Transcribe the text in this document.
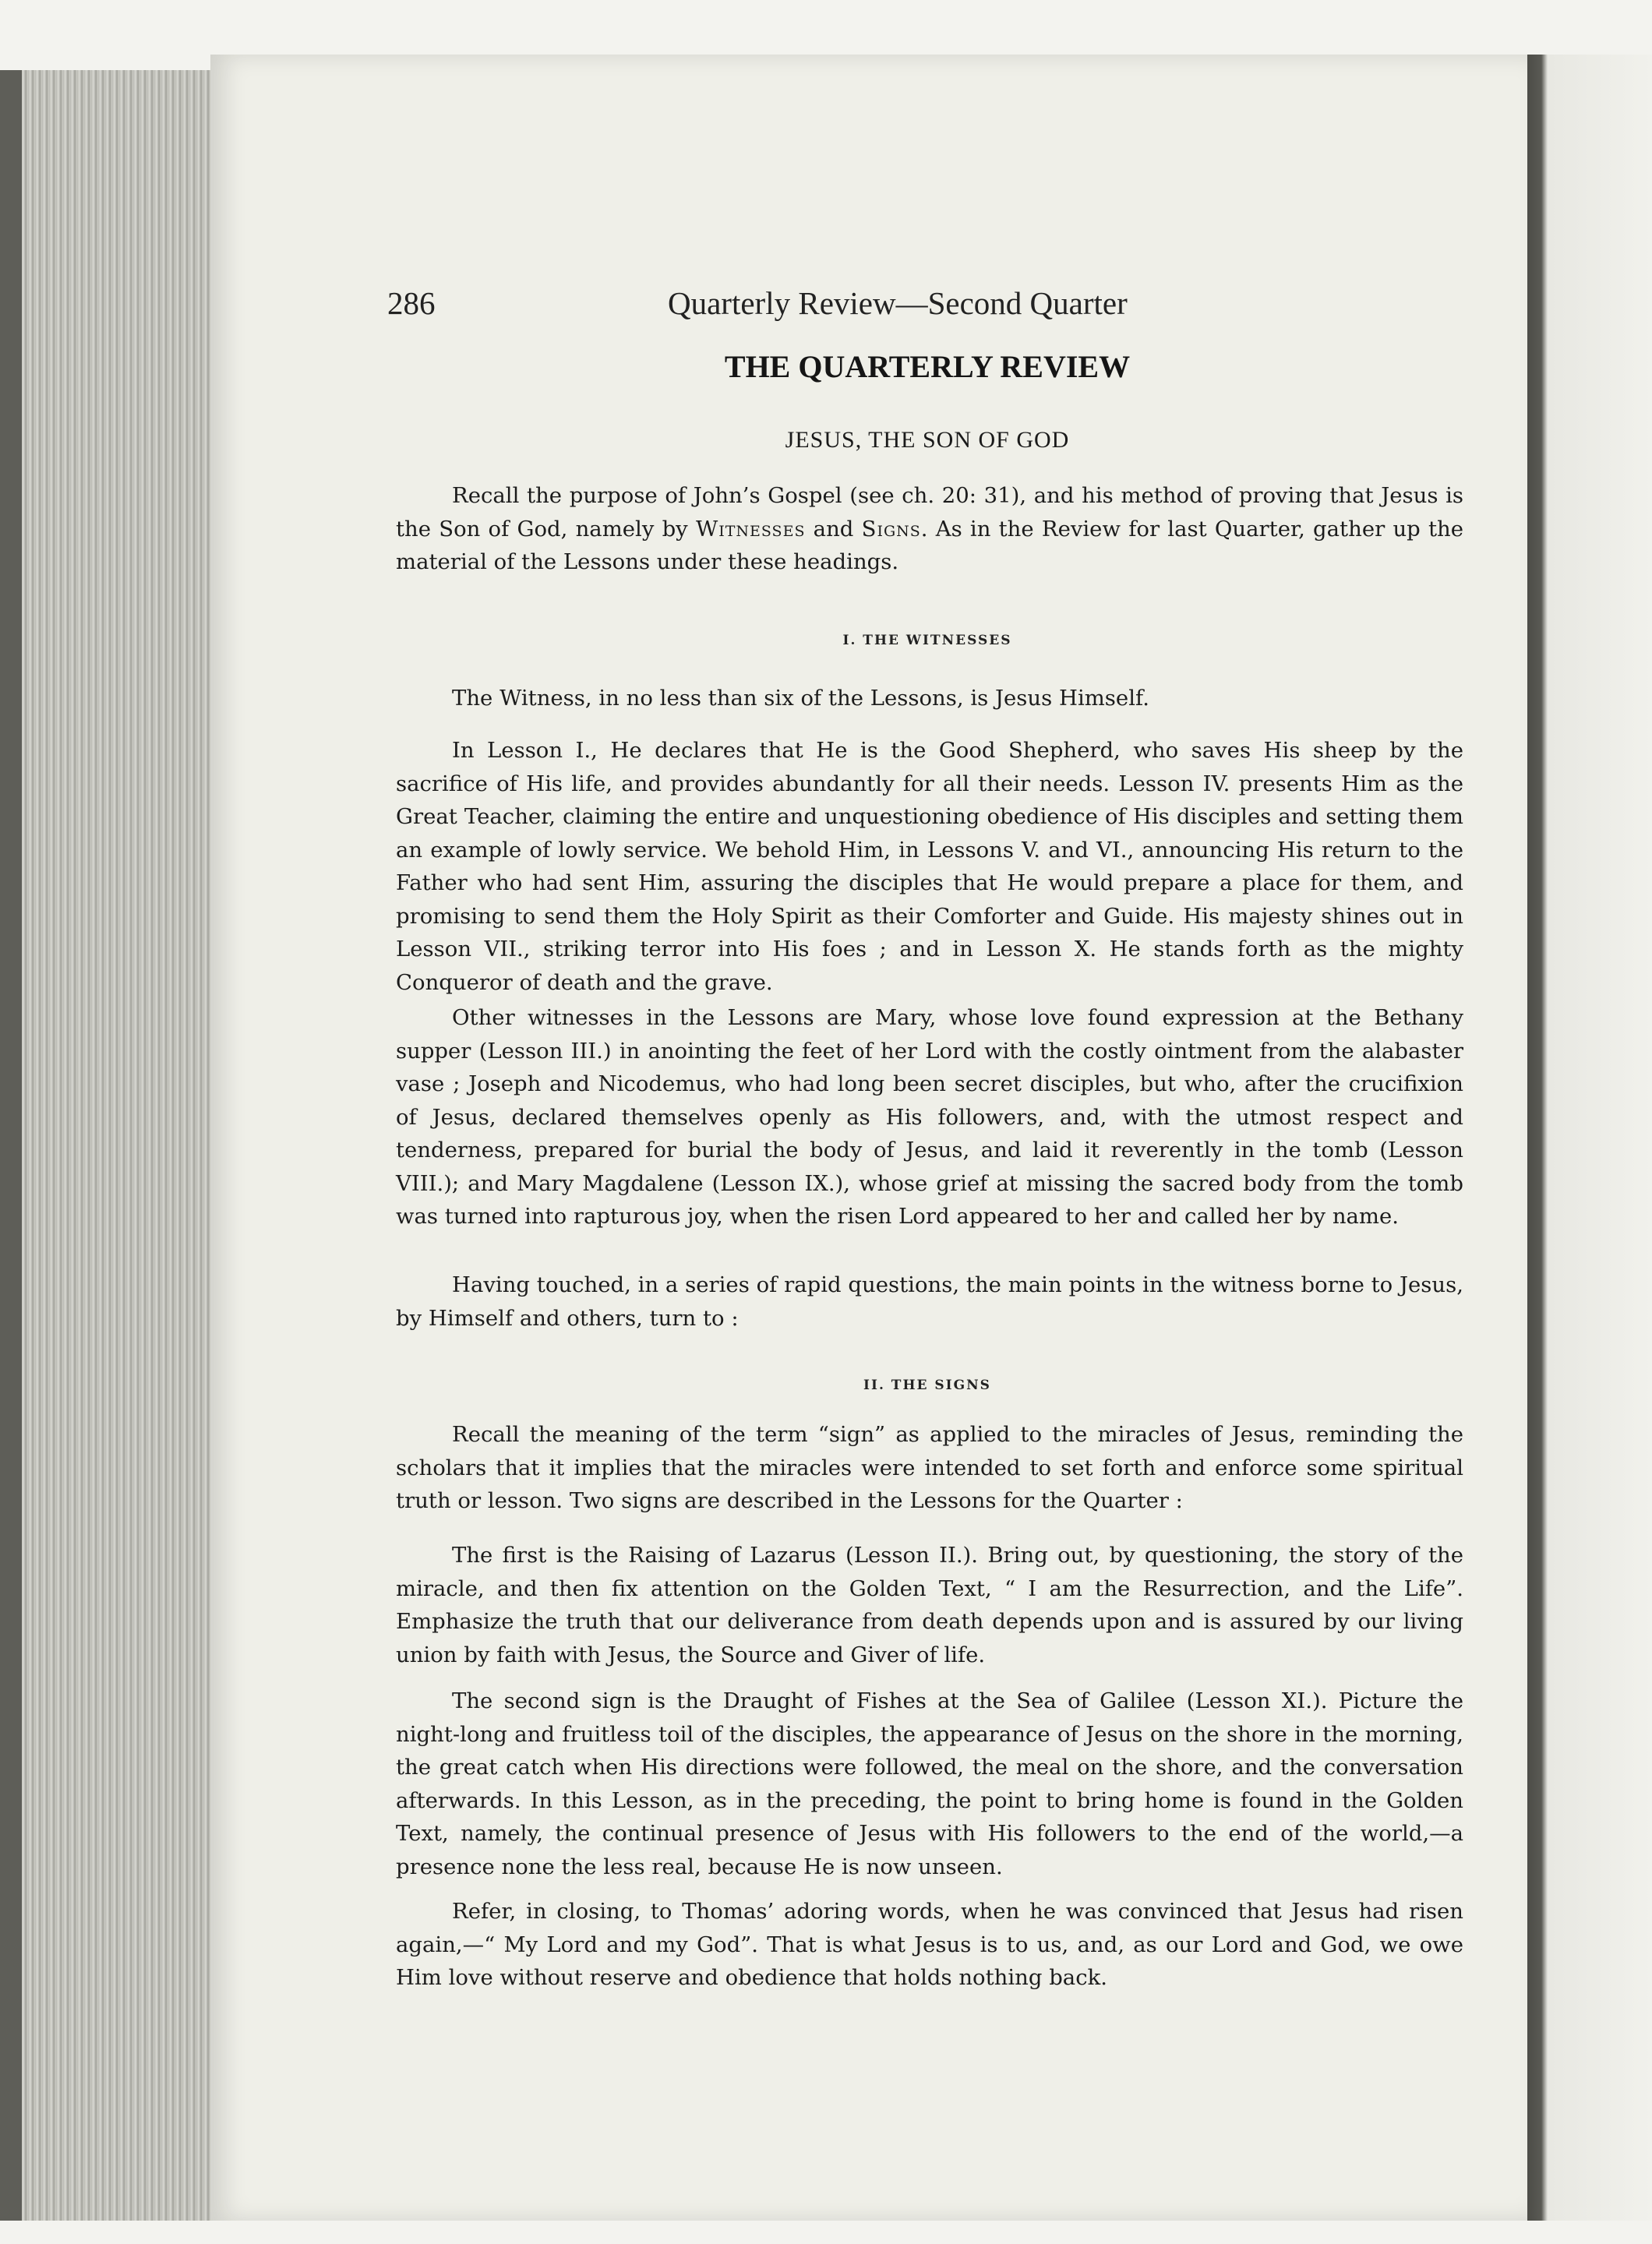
286	Quarterly Review—Second Quarter
THE QUARTERLY REVIEW
JESUS, THE SON OF GOD

Recall the purpose of John’s Gospel (see ch. 20: 31), and his method of proving that Jesus is the Son of God, namely by Witnesses and Signs. As in the Review for last Quarter, gather up the material of the Lessons under these headings.

I. THE WITNESSES

The Witness, in no less than six of the Lessons, is Jesus Himself.

In Lesson I., He declares that He is the Good Shepherd, who saves His sheep by the sacrifice of His life, and provides abundantly for all their needs. Lesson IV. presents Him as the Great Teacher, claiming the entire and unquestioning obedience of His disciples and setting them an example of lowly service. We behold Him, in Lessons V. and VI., announcing His return to the Father who had sent Him, assuring the disciples that He would prepare a place for them, and promising to send them the Holy Spirit as their Comforter and Guide. His majesty shines out in Lesson VII., striking terror into His foes ; and in Lesson X. He stands forth as the mighty Conqueror of death and the grave.

Other witnesses in the Lessons are Mary, whose love found expression at the Bethany supper (Lesson III.) in anointing the feet of her Lord with the costly ointment from the alabaster vase ; Joseph and Nicodemus, who had long been secret disciples, but who, after the crucifixion of Jesus, declared themselves openly as His followers, and, with the utmost respect and tenderness, prepared for burial the body of Jesus, and laid it reverently in the tomb (Lesson VIII.); and Mary Magdalene (Lesson IX.), whose grief at missing the sacred body from the tomb was turned into rapturous joy, when the risen Lord appeared to her and called her by name.

Having touched, in a series of rapid questions, the main points in the witness borne to Jesus, by Himself and others, turn to :

II. THE SIGNS

Recall the meaning of the term “sign” as applied to the miracles of Jesus, reminding the scholars that it implies that the miracles were intended to set forth and enforce some spiritual truth or lesson. Two signs are described in the Lessons for the Quarter :

The first is the Raising of Lazarus (Lesson II.). Bring out, by questioning, the story of the miracle, and then fix attention on the Golden Text, “ I am the Resurrection, and the Life”. Emphasize the truth that our deliverance from death depends upon and is assured by our living union by faith with Jesus, the Source and Giver of life.

The second sign is the Draught of Fishes at the Sea of Galilee (Lesson XI.). Picture the night-long and fruitless toil of the disciples, the appearance of Jesus on the shore in the morning, the great catch when His directions were followed, the meal on the shore, and the conversation afterwards. In this Lesson, as in the preceding, the point to bring home is found in the Golden Text, namely, the continual presence of Jesus with His followers to the end of the world,—a presence none the less real, because He is now unseen.

Refer, in closing, to Thomas’ adoring words, when he was convinced that Jesus had risen again,—“ My Lord and my God”. That is what Jesus is to us, and, as our Lord and God, we owe Him love without reserve and obedience that holds nothing back.
